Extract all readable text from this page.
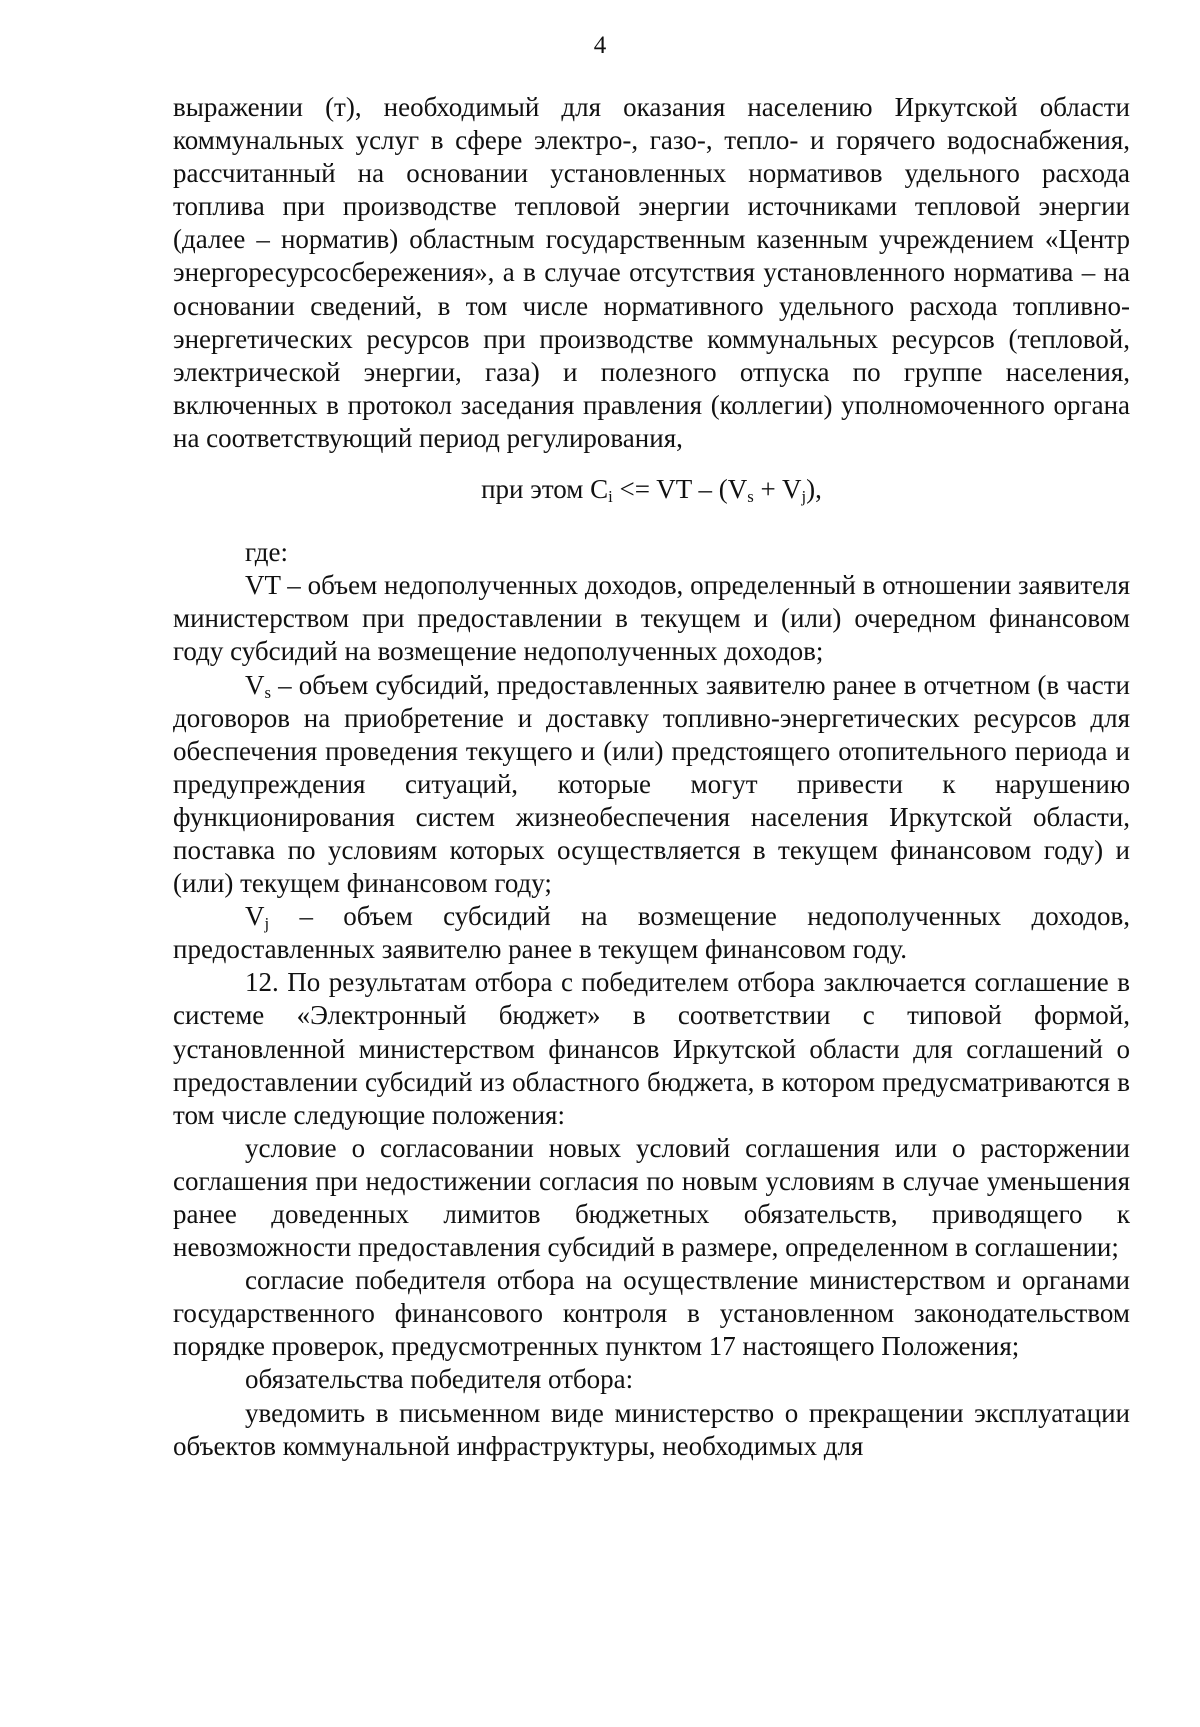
4

выражении (т), необходимый для оказания населению Иркутской области коммунальных услуг в сфере электро-, газо-, тепло- и горячего водоснабжения, рассчитанный на основании установленных нормативов удельного расхода топлива при производстве тепловой энергии источниками тепловой энергии (далее – норматив) областным государственным казенным учреждением «Центр энергоресурсосбережения», а в случае отсутствия установленного норматива – на основании сведений, в том числе нормативного удельного расхода топливно-энергетических ресурсов при производстве коммунальных ресурсов (тепловой, электрической энергии, газа) и полезного отпуска по группе населения, включенных в протокол заседания правления (коллегии) уполномоченного органа на соответствующий период регулирования,

при этом $C_i$ <= VT – $(V_s + V_j)$,

где:

VT – объем недополученных доходов, определенный в отношении заявителя министерством при предоставлении в текущем и (или) очередном финансовом году субсидий на возмещение недополученных доходов;

$V_s$ – объем субсидий, предоставленных заявителю ранее в отчетном (в части договоров на приобретение и доставку топливно-энергетических ресурсов для обеспечения проведения текущего и (или) предстоящего отопительного периода и предупреждения ситуаций, которые могут привести к нарушению функционирования систем жизнеобеспечения населения Иркутской области, поставка по условиям которых осуществляется в текущем финансовом году) и (или) текущем финансовом году;

$V_j$ – объем субсидий на возмещение недополученных доходов, предоставленных заявителю ранее в текущем финансовом году.

12. По результатам отбора с победителем отбора заключается соглашение в системе «Электронный бюджет» в соответствии с типовой формой, установленной министерством финансов Иркутской области для соглашений о предоставлении субсидий из областного бюджета, в котором предусматриваются в том числе следующие положения:

условие о согласовании новых условий соглашения или о расторжении соглашения при недостижении согласия по новым условиям в случае уменьшения ранее доведенных лимитов бюджетных обязательств, приводящего к невозможности предоставления субсидий в размере, определенном в соглашении;

согласие победителя отбора на осуществление министерством и органами государственного финансового контроля в установленном законодательством порядке проверок, предусмотренных пунктом 17 настоящего Положения;

обязательства победителя отбора:

уведомить в письменном виде министерство о прекращении эксплуатации объектов коммунальной инфраструктуры, необходимых для
